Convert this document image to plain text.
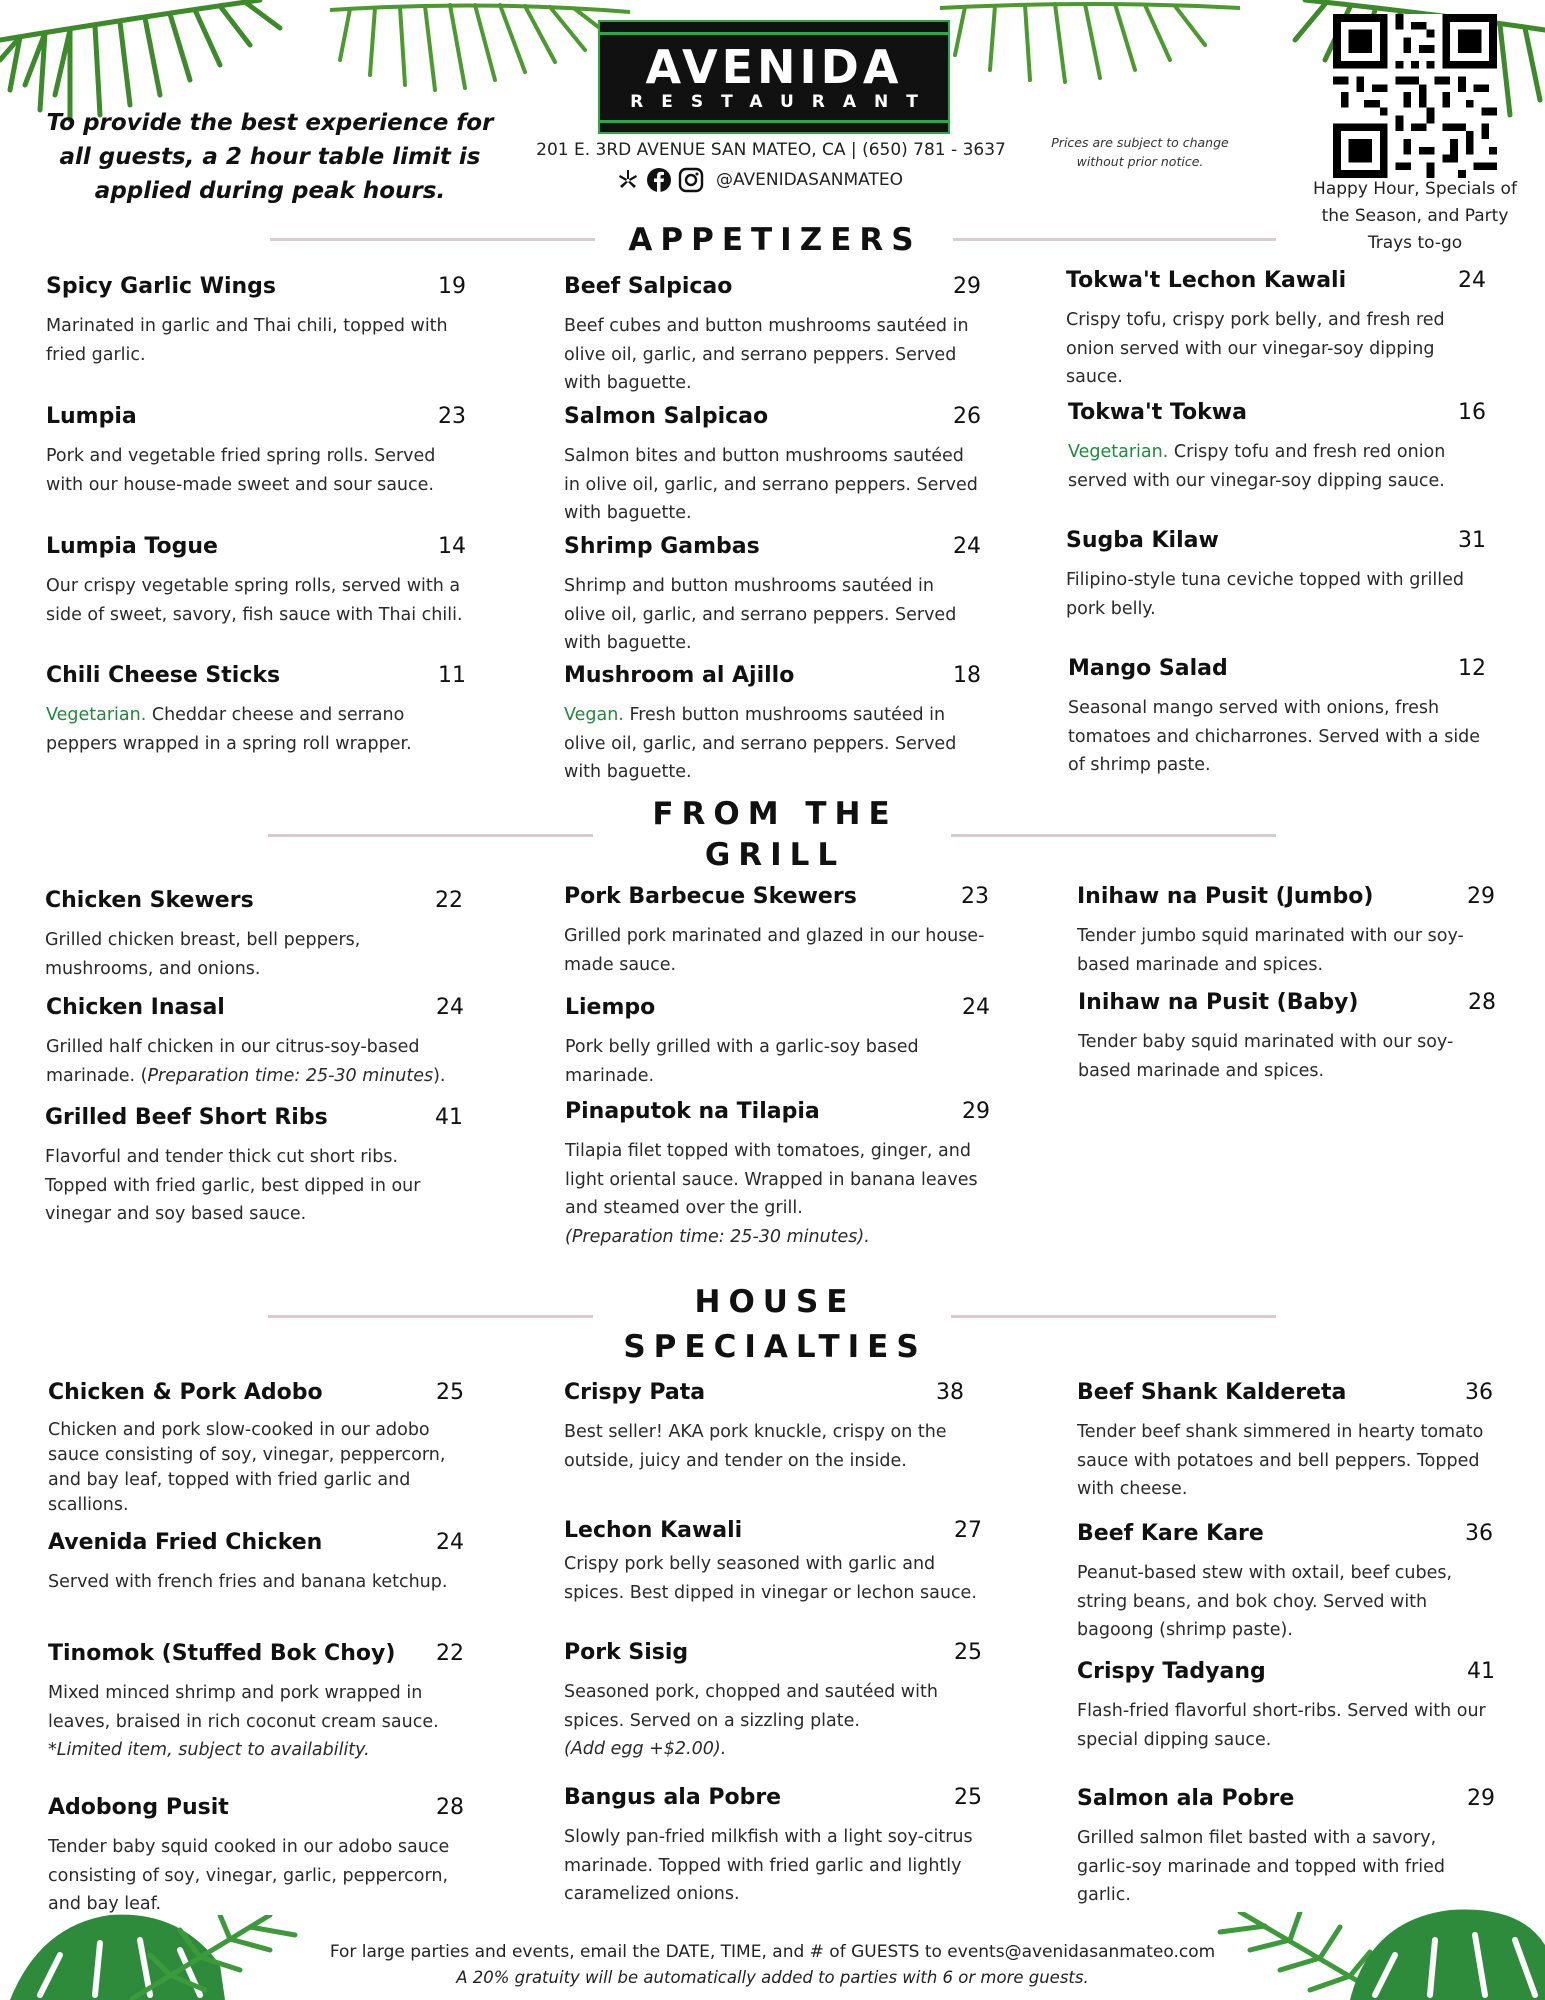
AVENIDA
RESTAURANT
To provide the best experience for all guests, a 2 hour table limit is applied during peak hours.
201 E. 3RD AVENUE SAN MATEO, CA | (650) 781 - 3637
@AVENIDASANMATEO
Prices are subject to change without prior notice.
Happy Hour, Specials of the Season, and Party Trays to-go
APPETIZERS
Spicy Garlic Wings	19
Marinated in garlic and Thai chili, topped with fried garlic.
Lumpia	23
Pork and vegetable fried spring rolls. Served with our house-made sweet and sour sauce.
Lumpia Togue	14
Our crispy vegetable spring rolls, served with a side of sweet, savory, fish sauce with Thai chili.
Chili Cheese Sticks	11
Vegetarian. Cheddar cheese and serrano peppers wrapped in a spring roll wrapper.
Beef Salpicao	29
Beef cubes and button mushrooms sautéed in olive oil, garlic, and serrano peppers. Served with baguette.
Salmon Salpicao	26
Salmon bites and button mushrooms sautéed in olive oil, garlic, and serrano peppers. Served with baguette.
Shrimp Gambas	24
Shrimp and button mushrooms sautéed in olive oil, garlic, and serrano peppers. Served with baguette.
Mushroom al Ajillo	18
Vegan. Fresh button mushrooms sautéed in olive oil, garlic, and serrano peppers. Served with baguette.
Tokwa't Lechon Kawali	24
Crispy tofu, crispy pork belly, and fresh red onion served with our vinegar-soy dipping sauce.
Tokwa't Tokwa	16
Vegetarian. Crispy tofu and fresh red onion served with our vinegar-soy dipping sauce.
Sugba Kilaw	31
Filipino-style tuna ceviche topped with grilled pork belly.
Mango Salad	12
Seasonal mango served with onions, fresh tomatoes and chicharrones. Served with a side of shrimp paste.
FROM THE
GRILL
Chicken Skewers	22
Grilled chicken breast, bell peppers, mushrooms, and onions.
Chicken Inasal	24
Grilled half chicken in our citrus-soy-based marinade. (Preparation time: 25-30 minutes).
Grilled Beef Short Ribs	41
Flavorful and tender thick cut short ribs. Topped with fried garlic, best dipped in our vinegar and soy based sauce.
Pork Barbecue Skewers	23
Grilled pork marinated and glazed in our house-made sauce.
Liempo	24
Pork belly grilled with a garlic-soy based marinade.
Pinaputok na Tilapia	29
Tilapia filet topped with tomatoes, ginger, and light oriental sauce. Wrapped in banana leaves and steamed over the grill.
(Preparation time: 25-30 minutes).
Inihaw na Pusit (Jumbo)	29
Tender jumbo squid marinated with our soy-based marinade and spices.
Inihaw na Pusit (Baby)	28
Tender baby squid marinated with our soy-based marinade and spices.
HOUSE
SPECIALTIES
Chicken & Pork Adobo	25
Chicken and pork slow-cooked in our adobo sauce consisting of soy, vinegar, peppercorn, and bay leaf, topped with fried garlic and scallions.
Avenida Fried Chicken	24
Served with french fries and banana ketchup.
Tinomok (Stuffed Bok Choy) 22
Mixed minced shrimp and pork wrapped in leaves, braised in rich coconut cream sauce.
*Limited item, subject to availability.
Adobong Pusit	28
Tender baby squid cooked in our adobo sauce consisting of soy, vinegar, garlic, peppercorn, and bay leaf.
Crispy Pata	38
Best seller! AKA pork knuckle, crispy on the outside, juicy and tender on the inside.
Lechon Kawali	27
Crispy pork belly seasoned with garlic and spices. Best dipped in vinegar or lechon sauce.
Pork Sisig	25
Seasoned pork, chopped and sautéed with spices. Served on a sizzling plate.
(Add egg +$2.00).
Bangus ala Pobre	25
Slowly pan-fried milkfish with a light soy-citrus marinade. Topped with fried garlic and lightly caramelized onions.
Beef Shank Kaldereta	36
Tender beef shank simmered in hearty tomato sauce with potatoes and bell peppers. Topped with cheese.
Beef Kare Kare	36
Peanut-based stew with oxtail, beef cubes, string beans, and bok choy. Served with bagoong (shrimp paste).
Crispy Tadyang	41
Flash-fried flavorful short-ribs. Served with our special dipping sauce.
Salmon ala Pobre	29
Grilled salmon filet basted with a savory, garlic-soy marinade and topped with fried garlic.
For large parties and events, email the DATE, TIME, and # of GUESTS to events@avenidasanmateo.com
A 20% gratuity will be automatically added to parties with 6 or more guests.
